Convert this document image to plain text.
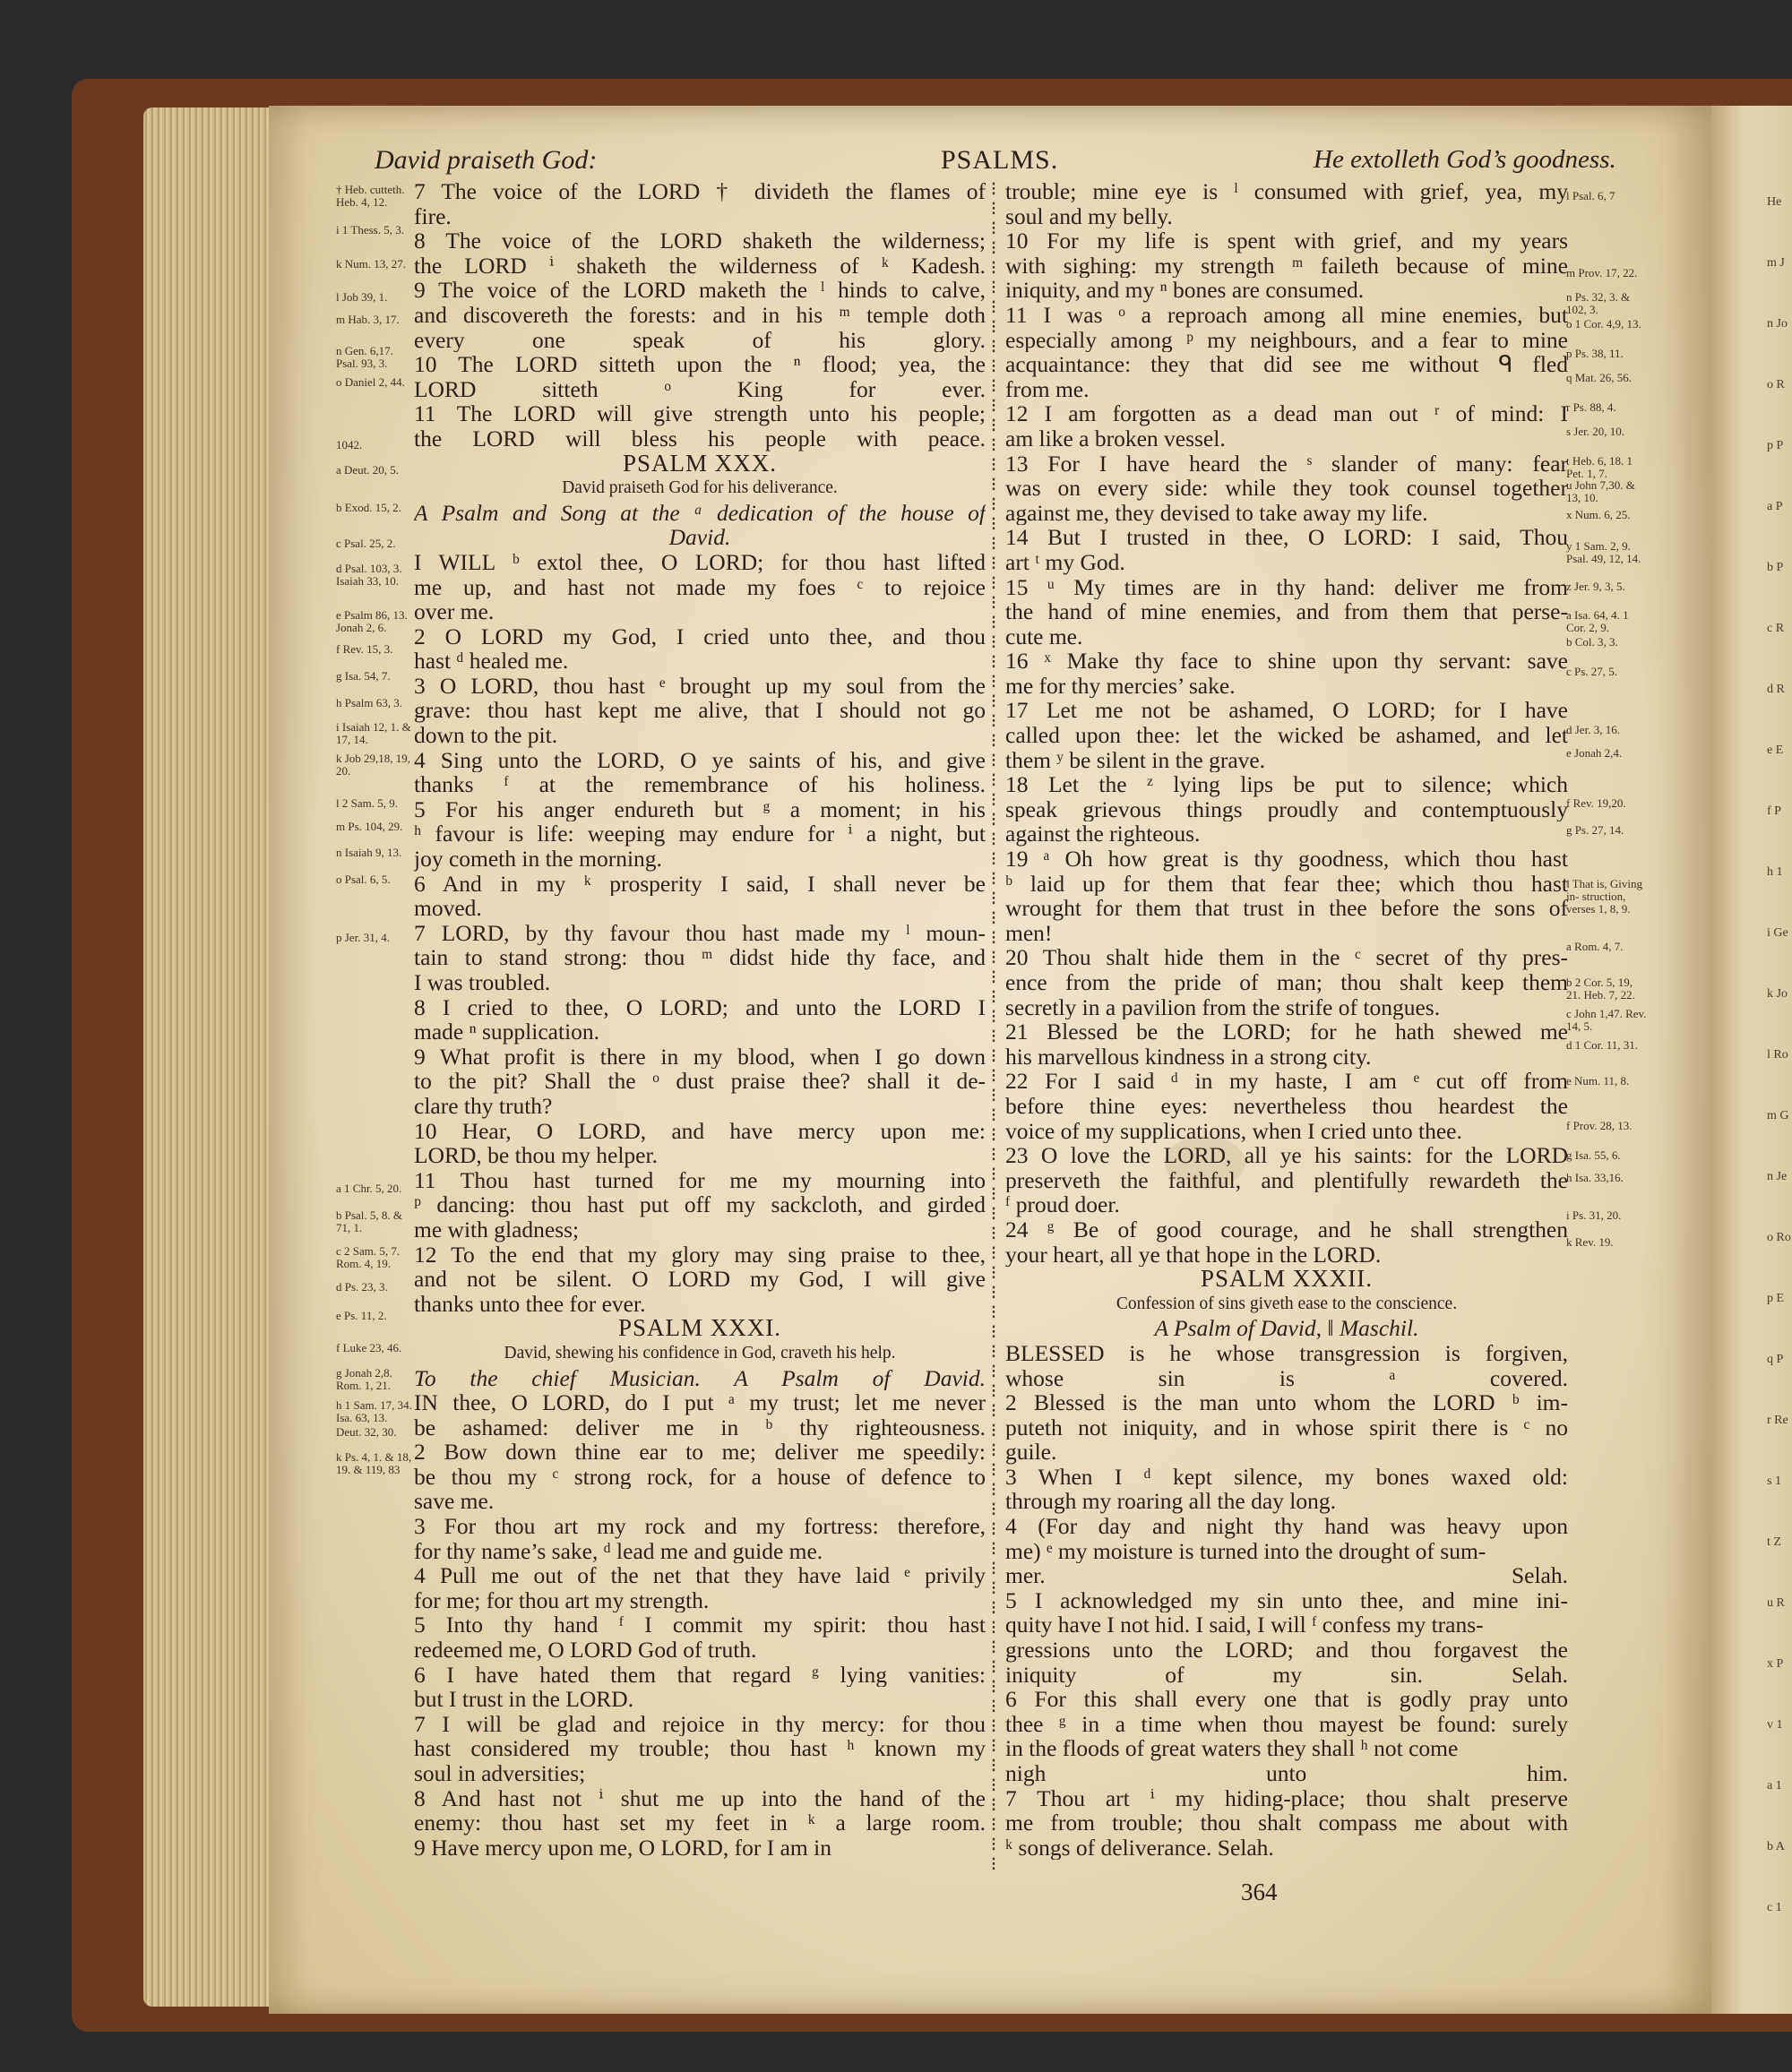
He
m J
n Jo
o R
p P
a P
b P
c R
d R
e E
f P
h 1
i Ge
k Jo
l Ro
m G
n Je
o Ro
p E
q P
r Re
s 1
t Z
u R
x P
v 1
a 1
b A
c 1
David praiseth God:	PSALMS.	He extolleth God’s goodness.
7 The voice of the LORD † divideth the flames of
fire.
8 The voice of the LORD shaketh the wilderness;
the LORD ⁱ shaketh the wilderness of ᵏ Kadesh.
9 The voice of the LORD maketh the ˡ hinds to calve,
and discovereth the forests: and in his ᵐ temple doth
every one speak of his glory.
10 The LORD sitteth upon the ⁿ flood; yea, the
LORD sitteth ᵒ King for ever.
11 The LORD will give strength unto his people;
the LORD will bless his people with peace.
PSALM XXX.
David praiseth God for his deliverance.
A Psalm and Song at the ᵃ dedication of the house of
David.
I WILL ᵇ extol thee, O LORD; for thou hast lifted
me up, and hast not made my foes ᶜ to rejoice
over me.
2 O LORD my God, I cried unto thee, and thou
hast ᵈ healed me.
3 O LORD, thou hast ᵉ brought up my soul from the
grave: thou hast kept me alive, that I should not go
down to the pit.
4 Sing unto the LORD, O ye saints of his, and give
thanks ᶠ at the remembrance of his holiness.
5 For his anger endureth but ᵍ a moment; in his
ʰ favour is life: weeping may endure for ⁱ a night, but
joy cometh in the morning.
6 And in my ᵏ prosperity I said, I shall never be
moved.
7 LORD, by thy favour thou hast made my ˡ moun-
tain to stand strong: thou ᵐ didst hide thy face, and
I was troubled.
8 I cried to thee, O LORD; and unto the LORD I
made ⁿ supplication.
9 What profit is there in my blood, when I go down
to the pit? Shall the ᵒ dust praise thee? shall it de-
clare thy truth?
10 Hear, O LORD, and have mercy upon me:
LORD, be thou my helper.
11 Thou hast turned for me my mourning into
ᵖ dancing: thou hast put off my sackcloth, and girded
me with gladness;
12 To the end that my glory may sing praise to thee,
and not be silent. O LORD my God, I will give
thanks unto thee for ever.
PSALM XXXI.
David, shewing his confidence in God, craveth his help.
To the chief Musician. A Psalm of David.
IN thee, O LORD, do I put ᵃ my trust; let me never
be ashamed: deliver me in ᵇ thy righteousness.
2 Bow down thine ear to me; deliver me speedily:
be thou my ᶜ strong rock, for a house of defence to
save me.
3 For thou art my rock and my fortress: therefore,
for thy name’s sake, ᵈ lead me and guide me.
4 Pull me out of the net that they have laid ᵉ privily
for me; for thou art my strength.
5 Into thy hand ᶠ I commit my spirit: thou hast
redeemed me, O LORD God of truth.
6 I have hated them that regard ᵍ lying vanities:
but I trust in the LORD.
7 I will be glad and rejoice in thy mercy: for thou
hast considered my trouble; thou hast ʰ known my
soul in adversities;
8 And hast not ⁱ shut me up into the hand of the
enemy: thou hast set my feet in ᵏ a large room.
9 Have mercy upon me, O LORD, for I am in
⁝
⁝
⁝
⁝
⁝
⁝
⁝
⁝
⁝
⁝
⁝
⁝
⁝
⁝
⁝
⁝
⁝
⁝
⁝
⁝
⁝
⁝
⁝
⁝
⁝
⁝
⁝
⁝
⁝
⁝
⁝
⁝
⁝
⁝
⁝
⁝
⁝
⁝
⁝
⁝
⁝
⁝
⁝
⁝
⁝
⁝
⁝
⁝
⁝
⁝
⁝
⁝
⁝
⁝
⁝
⁝
⁝
⁝
⁝
⁝
⁝
⁝
⁝
⁝
⁝
⁝
⁝
⁝
⁝
⁝
⁝
⁝
⁝
⁝
⁝
⁝
⁝
⁝
⁝
⁝
⁝
⁝
⁝
⁝
⁝
⁝

trouble; mine eye is ˡ consumed with grief, yea, my
soul and my belly.
10 For my life is spent with grief, and my years
with sighing: my strength ᵐ faileth because of mine
iniquity, and my ⁿ bones are consumed.
11 I was ᵒ a reproach among all mine enemies, but
especially among ᵖ my neighbours, and a fear to mine
acquaintance: they that did see me without ᑫ fled
from me.
12 I am forgotten as a dead man out ʳ of mind: I
am like a broken vessel.
13 For I have heard the ˢ slander of many: fear
was on every side: while they took counsel together
against me, they devised to take away my life.
14 But I trusted in thee, O LORD: I said, Thou
art ᵗ my God.
15 ᵘ My times are in thy hand: deliver me from
the hand of mine enemies, and from them that perse-
cute me.
16 ˣ Make thy face to shine upon thy servant: save
me for thy mercies’ sake.
17 Let me not be ashamed, O LORD; for I have
called upon thee: let the wicked be ashamed, and let
them ʸ be silent in the grave.
18 Let the ᶻ lying lips be put to silence; which
speak grievous things proudly and contemptuously
against the righteous.
19 ᵃ Oh how great is thy goodness, which thou hast
ᵇ laid up for them that fear thee; which thou hast
wrought for them that trust in thee before the sons of
men!
20 Thou shalt hide them in the ᶜ secret of thy pres-
ence from the pride of man; thou shalt keep them
secretly in a pavilion from the strife of tongues.
21 Blessed be the LORD; for he hath shewed me
his marvellous kindness in a strong city.
22 For I said ᵈ in my haste, I am ᵉ cut off from
before thine eyes: nevertheless thou heardest the
voice of my supplications, when I cried unto thee.
23 O love the LORD, all ye his saints: for the LORD
preserveth the faithful, and plentifully rewardeth the
ᶠ proud doer.
24 ᵍ Be of good courage, and he shall strengthen
your heart, all ye that hope in the LORD.
PSALM XXXII.
Confession of sins giveth ease to the conscience.
A Psalm of David, ‖ Maschil.
BLESSED is he whose transgression is forgiven,
whose sin is ᵃ covered.
2 Blessed is the man unto whom the LORD ᵇ im-
puteth not iniquity, and in whose spirit there is ᶜ no
guile.
3 When I ᵈ kept silence, my bones waxed old:
through my roaring all the day long.
4 (For day and night thy hand was heavy upon
me) ᵉ my moisture is turned into the drought of sum-
mer. Selah.
5 I acknowledged my sin unto thee, and mine ini-
quity have I not hid. I said, I will ᶠ confess my trans-
gressions unto the LORD; and thou forgavest the
iniquity of my sin. Selah.
6 For this shall every one that is godly pray unto
thee ᵍ in a time when thou mayest be found: surely
in the floods of great waters they shall ʰ not come
nigh unto him.
7 Thou art ⁱ my hiding-place; thou shalt preserve
me from trouble; thou shalt compass me about with
ᵏ songs of deliverance. Selah.
† Heb. cutteth. Heb. 4, 12.
i 1 Thess. 5, 3.
k Num. 13, 27.
l Job 39, 1.
m Hab. 3, 17.
n Gen. 6,17. Psal. 93, 3.
o Daniel 2, 44.
1042.
a Deut. 20, 5.
b Exod. 15, 2.
c Psal. 25, 2.
d Psal. 103, 3. Isaiah 33, 10.
e Psalm 86, 13. Jonah 2, 6.
f Rev. 15, 3.
g Isa. 54, 7.
h Psalm 63, 3.
i Isaiah 12, 1. & 17, 14.
k Job 29,18, 19, 20.
l 2 Sam. 5, 9.
m Ps. 104, 29.
n Isaiah 9, 13.
o Psal. 6, 5.
p Jer. 31, 4.
a 1 Chr. 5, 20.
b Psal. 5, 8. & 71, 1.
c 2 Sam. 5, 7. Rom. 4, 19.
d Ps. 23, 3.
e Ps. 11, 2.
f Luke 23, 46.
g Jonah 2,8. Rom. 1, 21.
h 1 Sam. 17, 34. Isa. 63, 13.
Deut. 32, 30.
k Ps. 4, 1. & 18, 19. & 119, 83
l Psal. 6, 7
m Prov. 17, 22.
n Ps. 32, 3. & 102, 3.
o 1 Cor. 4,9, 13.
p Ps. 38, 11.
q Mat. 26, 56.
r Ps. 88, 4.
s Jer. 20, 10.
t Heb. 6, 18. 1 Pet. 1, 7.
u John 7,30. & 13, 10.
x Num. 6, 25.
y 1 Sam. 2, 9. Psal. 49, 12, 14.
z Jer. 9, 3, 5.
a Isa. 64, 4. 1 Cor. 2, 9.
b Col. 3, 3.
c Ps. 27, 5.
d Jer. 3, 16.
e Jonah 2,4.
f Rev. 19,20.
g Ps. 27, 14.
‖ That is, Giving in- struction, verses 1, 8, 9.
a Rom. 4, 7.
b 2 Cor. 5, 19, 21. Heb. 7, 22.
c John 1,47. Rev. 14, 5.
d 1 Cor. 11, 31.
e Num. 11, 8.
f Prov. 28, 13.
g Isa. 55, 6.
h Isa. 33,16.
i Ps. 31, 20.
k Rev. 19.
364
